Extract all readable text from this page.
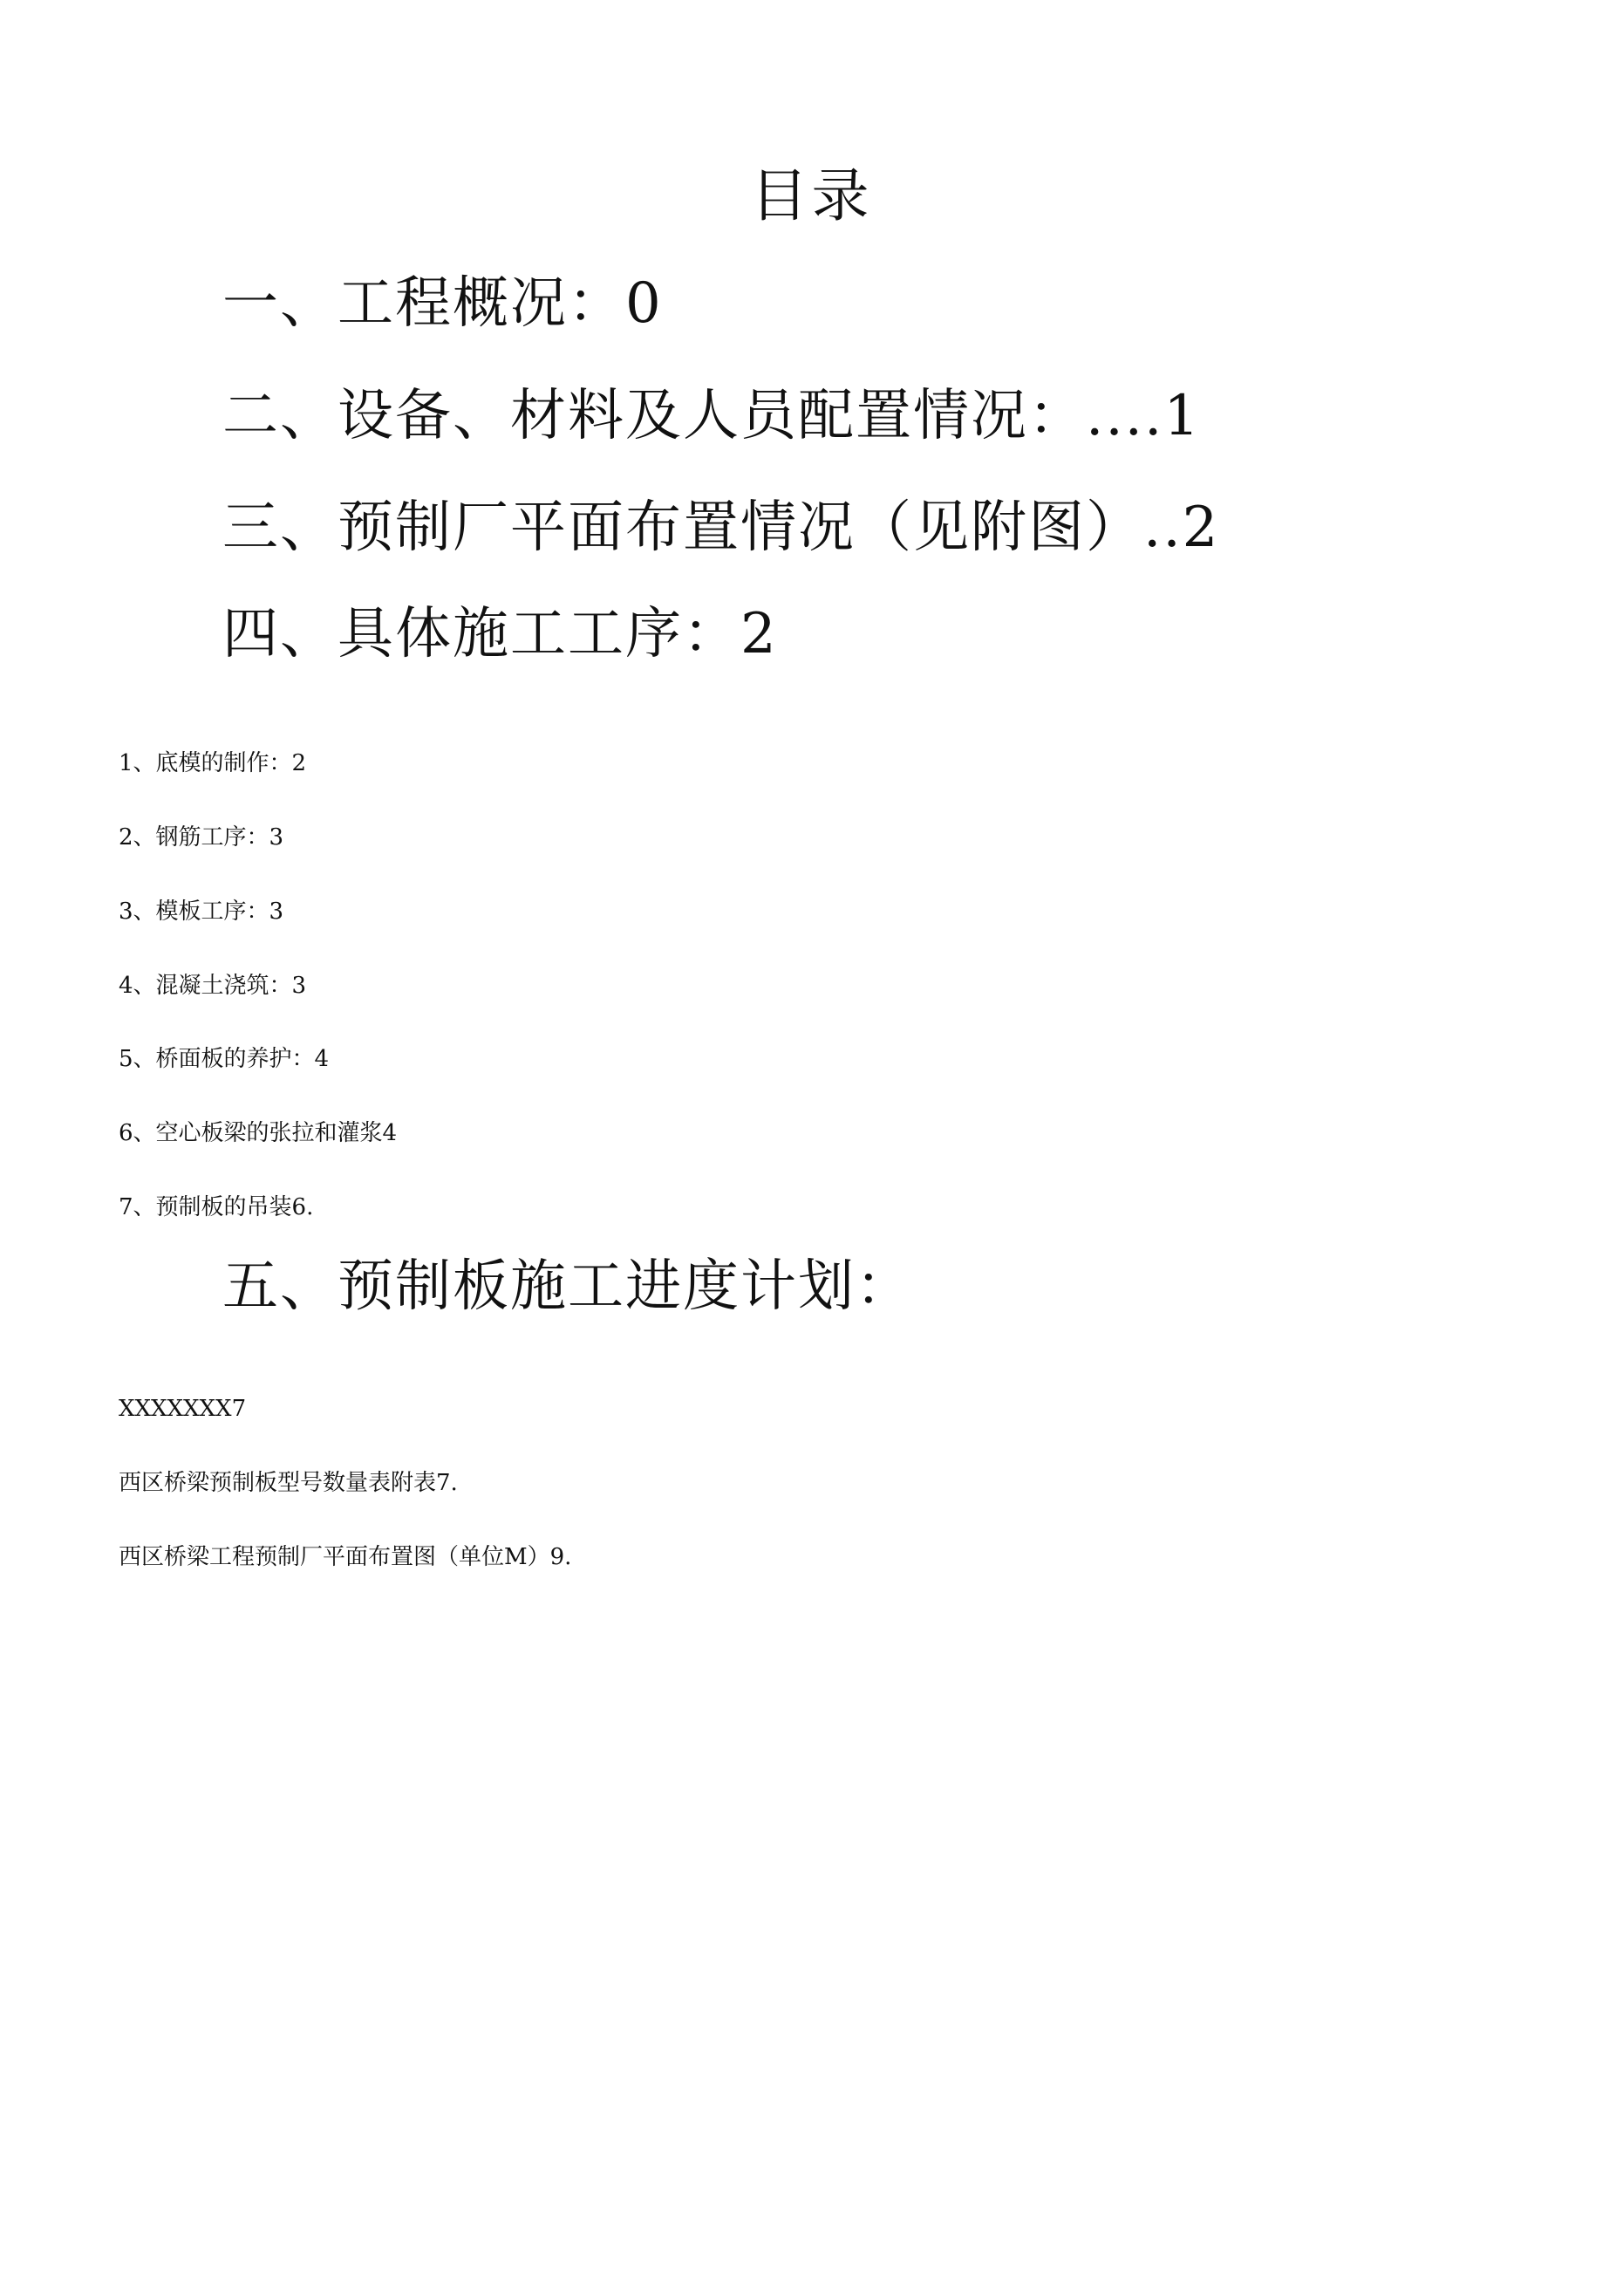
目录
一、工程概况：0
二、设备、材料及人员配置情况：....1
三、预制厂平面布置情况（见附图）..2
四、具体施工工序：2
1、底模的制作：2
2、钢筋工序：3
3、模板工序：3
4、混凝土浇筑：3
5、桥面板的养护：4
6、空心板梁的张拉和灌浆4
7、预制板的吊装6.
五、预制板施工进度计划：
XXXXXXX7
西区桥梁预制板型号数量表附表7.
西区桥梁工程预制厂平面布置图（单位M）9.
